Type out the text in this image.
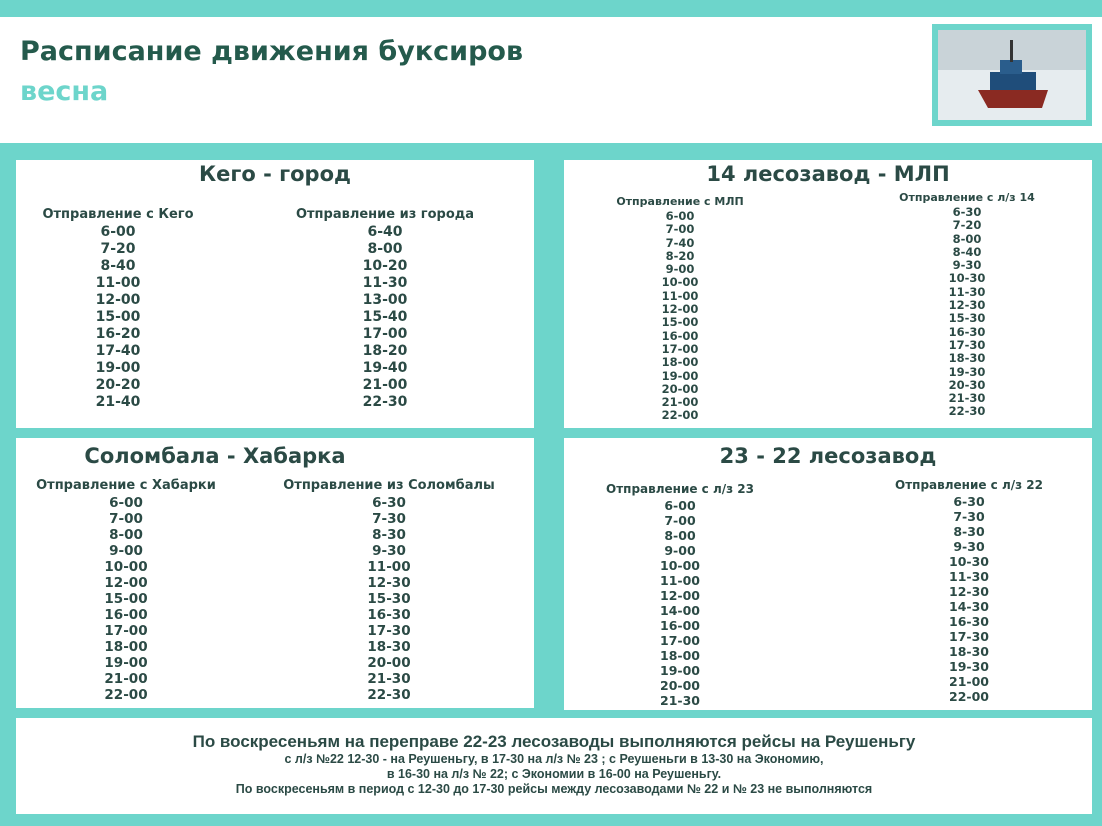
Расписание движения буксиров
весна
Кего - город	14 лесозавод - МЛП
Соломбала - Хабарка	23 - 22 лесозавод
По воскресеньям на переправе 22-23 лесозаводы выполняются рейсы на Реушеньгу
с л/з №22 12-30 - на Реушеньгу, в 17-30 на л/з № 23 ; с Реушеньги в 13-30 на Экономию,
в 16-30 на л/з № 22; с Экономии в 16-00 на Реушеньгу.
По воскресеньям в период с 12-30 до 17-30 рейсы между лесозаводами № 22 и № 23 не выполняются
Отправление с Кего
6-00
7-20
8-40
11-00
12-00
15-00
16-20
17-40
19-00
20-20
21-40
Отправление из города
6-40
8-00
10-20
11-30
13-00
15-40
17-00
18-20
19-40
21-00
22-30
Отправление с МЛП
6-00
7-00
7-40
8-20
9-00
10-00
11-00
12-00
15-00
16-00
17-00
18-00
19-00
20-00
21-00
22-00
Отправление с л/з 14
6-30
7-20
8-00
8-40
9-30
10-30
11-30
12-30
15-30
16-30
17-30
18-30
19-30
20-30
21-30
22-30
Отправление с Хабарки
6-00
7-00
8-00
9-00
10-00
12-00
15-00
16-00
17-00
18-00
19-00
21-00
22-00
Отправление из Соломбалы
6-30
7-30
8-30
9-30
11-00
12-30
15-30
16-30
17-30
18-30
20-00
21-30
22-30
Отправление с л/з 23
6-00
7-00
8-00
9-00
10-00
11-00
12-00
14-00
16-00
17-00
18-00
19-00
20-00
21-30
Отправление с л/з 22
6-30
7-30
8-30
9-30
10-30
11-30
12-30
14-30
16-30
17-30
18-30
19-30
21-00
22-00
